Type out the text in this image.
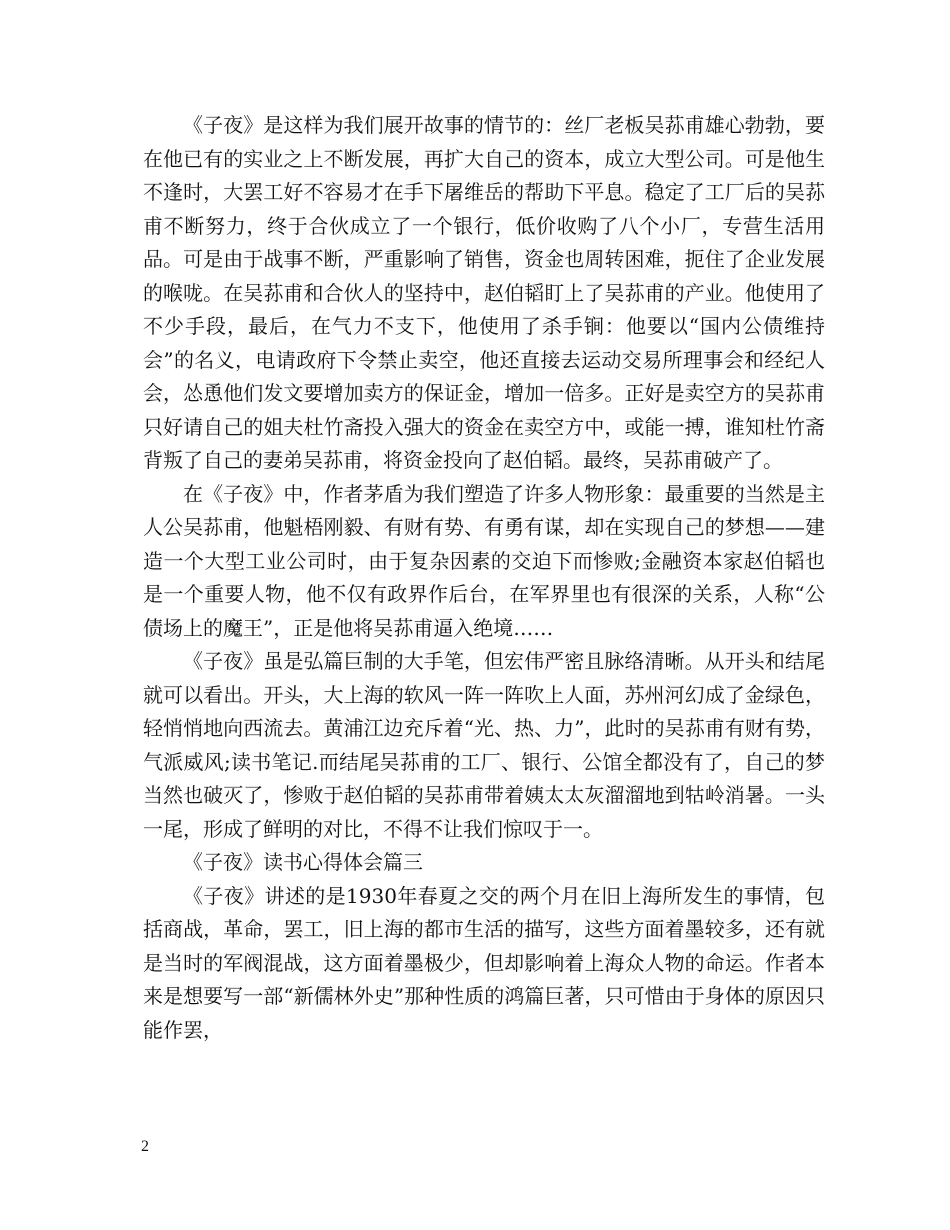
《子夜》是这样为我们展开故事的情节的：丝厂老板吴荪甫雄心勃勃，要在他已有的实业之上不断发展，再扩大自己的资本，成立大型公司。可是他生不逢时，大罢工好不容易才在手下屠维岳的帮助下平息。稳定了工厂后的吴荪甫不断努力，终于合伙成立了一个银行，低价收购了八个小厂，专营生活用品。可是由于战事不断，严重影响了销售，资金也周转困难，扼住了企业发展的喉咙。在吴荪甫和合伙人的坚持中，赵伯韬盯上了吴荪甫的产业。他使用了不少手段，最后，在气力不支下，他使用了杀手锏：他要以“国内公债维持会”的名义，电请政府下令禁止卖空，他还直接去运动交易所理事会和经纪人会，怂恿他们发文要增加卖方的保证金，增加一倍多。正好是卖空方的吴荪甫只好请自己的姐夫杜竹斋投入强大的资金在卖空方中，或能一搏，谁知杜竹斋背叛了自己的妻弟吴荪甫，将资金投向了赵伯韬。最终，吴荪甫破产了。

在《子夜》中，作者茅盾为我们塑造了许多人物形象：最重要的当然是主人公吴荪甫，他魁梧刚毅、有财有势、有勇有谋，却在实现自己的梦想——建造一个大型工业公司时，由于复杂因素的交迫下而惨败;金融资本家赵伯韬也是一个重要人物，他不仅有政界作后台，在军界里也有很深的关系，人称“公债场上的魔王”，正是他将吴荪甫逼入绝境……

《子夜》虽是弘篇巨制的大手笔，但宏伟严密且脉络清晰。从开头和结尾就可以看出。开头，大上海的软风一阵一阵吹上人面，苏州河幻成了金绿色，轻悄悄地向西流去。黄浦江边充斥着“光、热、力”，此时的吴荪甫有财有势，气派威风;读书笔记.而结尾吴荪甫的工厂、银行、公馆全都没有了，自己的梦当然也破灭了，惨败于赵伯韬的吴荪甫带着姨太太灰溜溜地到牯岭消暑。一头一尾，形成了鲜明的对比，不得不让我们惊叹于一。

《子夜》读书心得体会篇三

《子夜》讲述的是1930年春夏之交的两个月在旧上海所发生的事情，包括商战，革命，罢工，旧上海的都市生活的描写，这些方面着墨较多，还有就是当时的军阀混战，这方面着墨极少，但却影响着上海众人物的命运。作者本来是想要写一部“新儒林外史”那种性质的鸿篇巨著，只可惜由于身体的原因只能作罢，

2
